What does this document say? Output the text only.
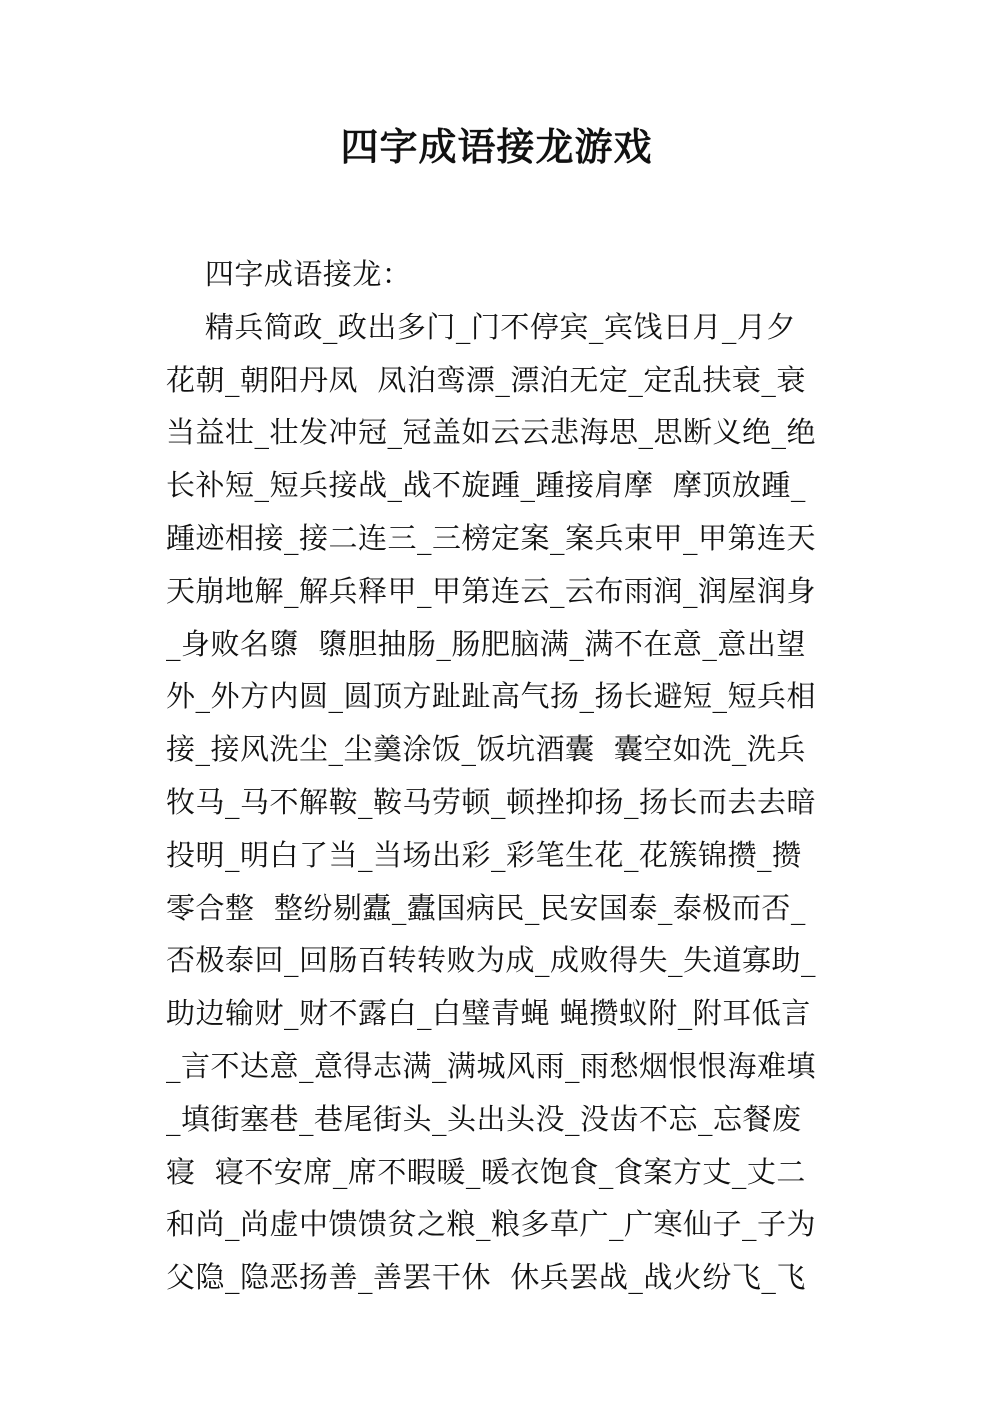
四字成语接龙游戏
四字成语接龙：
精兵简政_政出多门_门不停宾_宾饯日月_月夕
花朝_朝阳丹凤  凤泊鸾漂_漂泊无定_定乱扶衰_衰
当益壮_壮发冲冠_冠盖如云云悲海思_思断义绝_绝
长补短_短兵接战_战不旋踵_踵接肩摩  摩顶放踵_
踵迹相接_接二连三_三榜定案_案兵束甲_甲第连天
天崩地解_解兵释甲_甲第连云_云布雨润_润屋润身
_身败名隳  隳胆抽肠_肠肥脑满_满不在意_意出望
外_外方内圆_圆顶方趾趾高气扬_扬长避短_短兵相
接_接风洗尘_尘羹涂饭_饭坑酒囊  囊空如洗_洗兵
牧马_马不解鞍_鞍马劳顿_顿挫抑扬_扬长而去去暗
投明_明白了当_当场出彩_彩笔生花_花簇锦攒_攒
零合整  整纷剔蠹_蠹国病民_民安国泰_泰极而否_
否极泰回_回肠百转转败为成_成败得失_失道寡助_
助边输财_财不露白_白璧青蝇 蝇攒蚁附_附耳低言
_言不达意_意得志满_满城风雨_雨愁烟恨恨海难填
_填街塞巷_巷尾街头_头出头没_没齿不忘_忘餐废
寝  寝不安席_席不暇暖_暖衣饱食_食案方丈_丈二
和尚_尚虚中馈馈贫之粮_粮多草广_广寒仙子_子为
父隐_隐恶扬善_善罢干休  休兵罢战_战火纷飞_飞
